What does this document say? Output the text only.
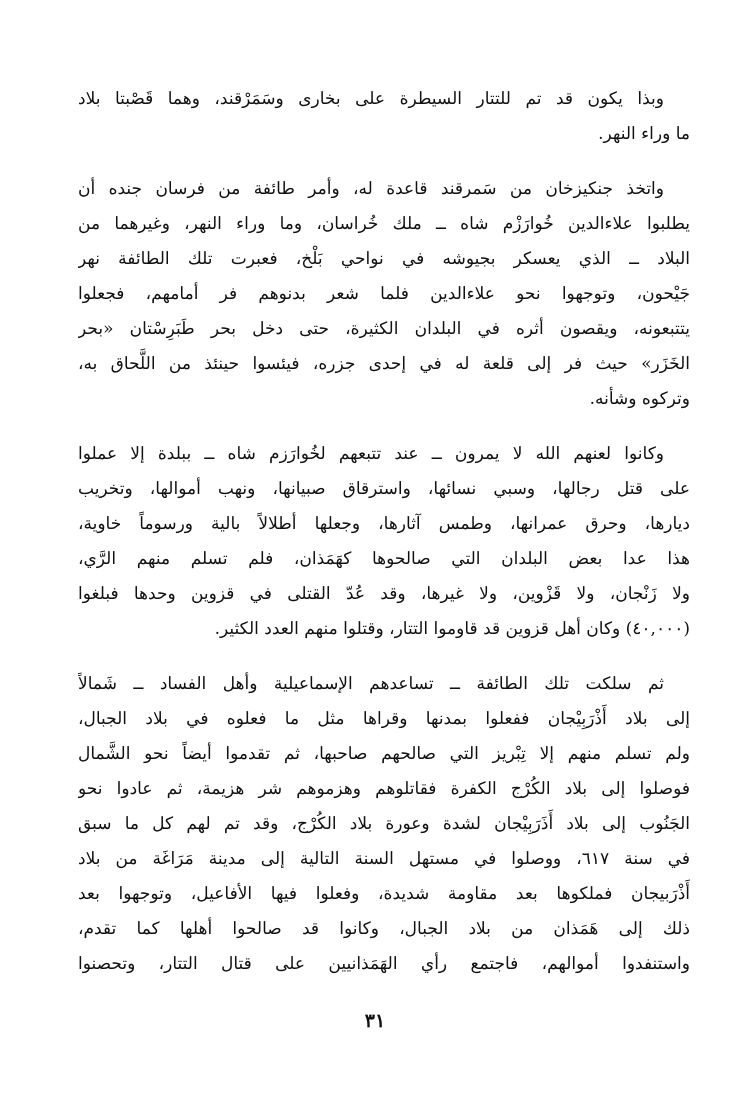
وبذا يكون قد تم للتتار السيطرة على بخارى وسَمَرْقند، وهما قَصْبتا بلاد
ما وراء النهر.
واتخذ جنكيزخان من سَمرقند قاعدة له، وأمر طائفة من فرسان جنده أن
يطلبوا علاءالدين خُوارَزْم شاه ــ ملك خُراسان، وما وراء النهر، وغيرهما من
البلاد ــ الذي يعسكر بجيوشه في نواحي بَلْخ، فعبرت تلك الطائفة نهر
جَيْحون، وتوجهوا نحو علاءالدين فلما شعر بدنوهم فر أمامهم، فجعلوا
يتتبعونه، ويقصون أثره في البلدان الكثيرة، حتى دخل بحر طَبَرِسْتان «بحر
الخَزَر» حيث فر إلى قلعة له في إحدى جزره، فيئسوا حينئذ من اللَّحاق به،
وتركوه وشأنه.
وكانوا لعنهم الله لا يمرون ــ عند تتبعهم لخُوارَزم شاه ــ ببلدة إلا عملوا
على قتل رجالها، وسبي نسائها، واسترقاق صبيانها، ونهب أموالها، وتخريب
ديارها، وحرق عمرانها، وطمس آثارها، وجعلها أطلالاً بالية ورسوماً خاوية،
هذا عدا بعض البلدان التي صالحوها كهَمَذان، فلم تسلم منهم الرَّي،
ولا زَنْجان، ولا قَزْوين، ولا غيرها، وقد عُدّ القتلى في قزوين وحدها فبلغوا
(٤٠,٠٠٠) وكان أهل قزوين قد قاوموا التتار، وقتلوا منهم العدد الكثير.
ثم سلكت تلك الطائفة ــ تساعدهم الإسماعيلية وأهل الفساد ــ شَمالاً
إلى بلاد أَذْرَبِيْجان ففعلوا بمدنها وقراها مثل ما فعلوه في بلاد الجبال،
ولم تسلم منهم إلا تِبْريز التي صالحهم صاحبها، ثم تقدموا أيضاً نحو الشَّمال
فوصلوا إلى بلاد الكُرْج الكفرة فقاتلوهم وهزموهم شر هزيمة، ثم عادوا نحو
الجَنُوب إلى بلاد أَذَرَبِيْجان لشدة وعورة بلاد الكُرْج، وقد تم لهم كل ما سبق
في سنة ٦١٧، ووصلوا في مستهل السنة التالية إلى مدينة مَرَاغَة من بلاد
أَذْرَبيجان فملكوها بعد مقاومة شديدة، وفعلوا فيها الأفاعيل، وتوجهوا بعد
ذلك إلى هَمَذان من بلاد الجبال، وكانوا قد صالحوا أهلها كما تقدم،
واستنفدوا أموالهم، فاجتمع رأي الهَمَذانيين على قتال التتار، وتحصنوا
٣١
